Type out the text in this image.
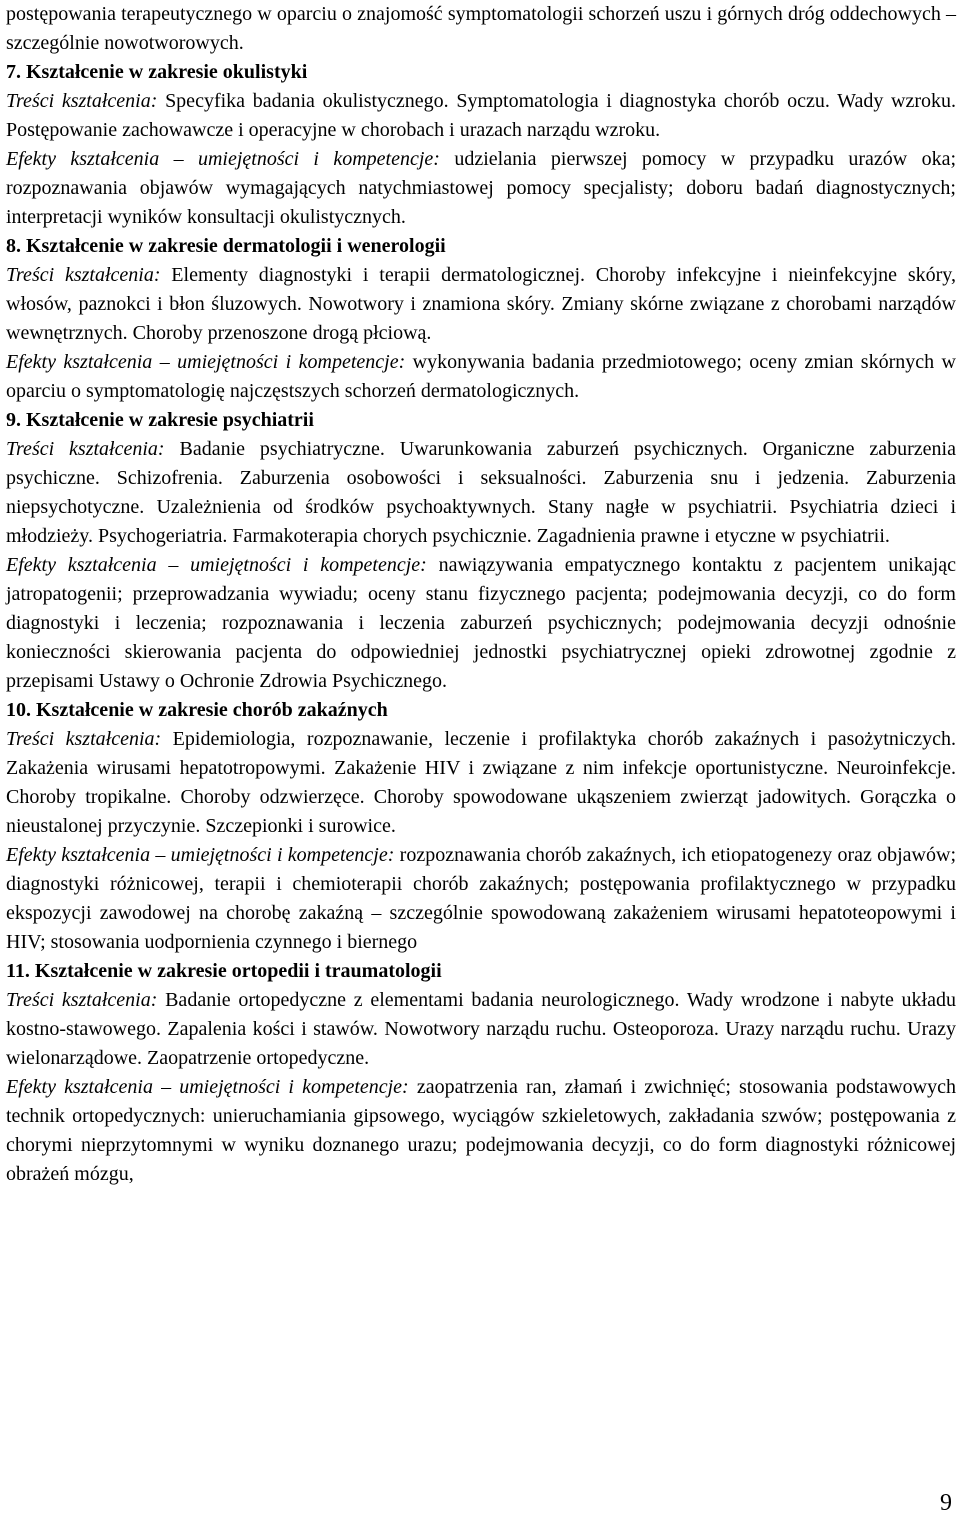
postępowania terapeutycznego w oparciu o znajomość symptomatologii schorzeń uszu i górnych dróg oddechowych – szczególnie nowotworowych.

7. Kształcenie w zakresie okulistyki

Treści kształcenia: Specyfika badania okulistycznego. Symptomatologia i diagnostyka chorób oczu. Wady wzroku. Postępowanie zachowawcze i operacyjne w chorobach i urazach narządu wzroku.

Efekty kształcenia – umiejętności i kompetencje: udzielania pierwszej pomocy w przypadku urazów oka; rozpoznawania objawów wymagających natychmiastowej pomocy specjalisty; doboru badań diagnostycznych; interpretacji wyników konsultacji okulistycznych.

8. Kształcenie w zakresie dermatologii i wenerologii

Treści kształcenia: Elementy diagnostyki i terapii dermatologicznej. Choroby infekcyjne i nieinfekcyjne skóry, włosów, paznokci i błon śluzowych. Nowotwory i znamiona skóry. Zmiany skórne związane z chorobami narządów wewnętrznych. Choroby przenoszone drogą płciową.

Efekty kształcenia – umiejętności i kompetencje: wykonywania badania przedmiotowego; oceny zmian skórnych w oparciu o symptomatologię najczęstszych schorzeń dermatologicznych.

9. Kształcenie w zakresie psychiatrii

Treści kształcenia: Badanie psychiatryczne. Uwarunkowania zaburzeń psychicznych. Organiczne zaburzenia psychiczne. Schizofrenia. Zaburzenia osobowości i seksualności. Zaburzenia snu i jedzenia. Zaburzenia niepsychotyczne. Uzależnienia od środków psychoaktywnych. Stany nagłe w psychiatrii. Psychiatria dzieci i młodzieży. Psychogeriatria. Farmakoterapia chorych psychicznie. Zagadnienia prawne i etyczne w psychiatrii.

Efekty kształcenia – umiejętności i kompetencje: nawiązywania empatycznego kontaktu z pacjentem unikając jatropatogenii; przeprowadzania wywiadu; oceny stanu fizycznego pacjenta; podejmowania decyzji, co do form diagnostyki i leczenia; rozpoznawania i leczenia zaburzeń psychicznych; podejmowania decyzji odnośnie konieczności skierowania pacjenta do odpowiedniej jednostki psychiatrycznej opieki zdrowotnej zgodnie z przepisami Ustawy o Ochronie Zdrowia Psychicznego.

10. Kształcenie w zakresie chorób zakaźnych

Treści kształcenia: Epidemiologia, rozpoznawanie, leczenie i profilaktyka chorób zakaźnych i pasożytniczych. Zakażenia wirusami hepatotropowymi. Zakażenie HIV i związane z nim infekcje oportunistyczne. Neuroinfekcje. Choroby tropikalne. Choroby odzwierzęce. Choroby spowodowane ukąszeniem zwierząt jadowitych. Gorączka o nieustalonej przyczynie. Szczepionki i surowice.

Efekty kształcenia – umiejętności i kompetencje: rozpoznawania chorób zakaźnych, ich etiopatogenezy oraz objawów; diagnostyki różnicowej, terapii i chemioterapii chorób zakaźnych; postępowania profilaktycznego w przypadku ekspozycji zawodowej na chorobę zakaźną – szczególnie spowodowaną zakażeniem wirusami hepatoteopowymi i HIV; stosowania uodpornienia czynnego i biernego

11. Kształcenie w zakresie ortopedii i traumatologii

Treści kształcenia: Badanie ortopedyczne z elementami badania neurologicznego. Wady wrodzone i nabyte układu kostno-stawowego. Zapalenia kości i stawów. Nowotwory narządu ruchu. Osteoporoza. Urazy narządu ruchu. Urazy wielonarządowe. Zaopatrzenie ortopedyczne.

Efekty kształcenia – umiejętności i kompetencje: zaopatrzenia ran, złamań i zwichnięć; stosowania podstawowych technik ortopedycznych: unieruchamiania gipsowego, wyciągów szkieletowych, zakładania szwów; postępowania z chorymi nieprzytomnymi w wyniku doznanego urazu; podejmowania decyzji, co do form diagnostyki różnicowej obrażeń mózgu,

9
